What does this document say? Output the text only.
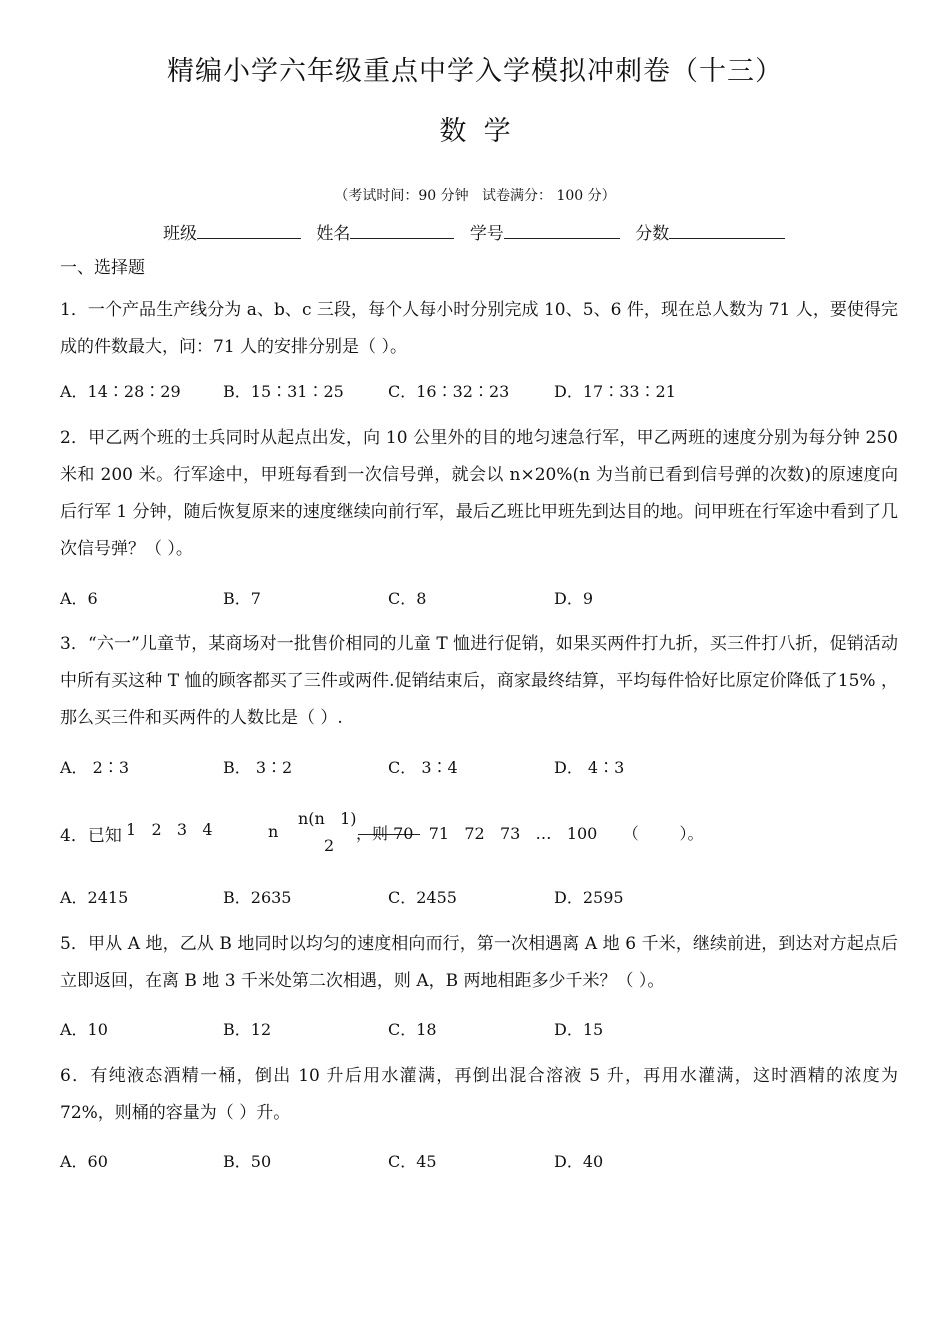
精编小学六年级重点中学入学模拟冲刺卷（十三）
数  学
（考试时间：90 分钟   试卷满分： 100 分）
班级	姓名	学号	分数
一、选择题
1．一个产品生产线分为 a、b、c 三段，每个人每小时分别完成 10、5、6 件，现在总人数为 71 人，要使得完成的件数最大，问：71 人的安排分别是（ ）。
A．14∶28∶29	B．15∶31∶25	C．16∶32∶23	D．17∶33∶21
2．甲乙两个班的士兵同时从起点出发，向 10 公里外的目的地匀速急行军，甲乙两班的速度分别为每分钟 250 米和 200 米。行军途中，甲班每看到一次信号弹，就会以 n×20%(n 为当前已看到信号弹的次数)的原速度向后行军 1 分钟，随后恢复原来的速度继续向前行军，最后乙班比甲班先到达目的地。问甲班在行军途中看到了几次信号弹？（ ）。
A．6	B．7	C．8	D．9
3．“六一”儿童节，某商场对一批售价相同的儿童 T 恤进行促销，如果买两件打九折，买三件打八折，促销活动中所有买这种 T 恤的顾客都买了三件或两件.促销结束后，商家最终结算，平均每件恰好比原定价降低了15% ，那么买三件和买两件的人数比是（ ）.
A． 2∶3	B． 3∶2	C． 3∶4	D． 4∶3
4．已知 1   2   3   4	n
n(n   1)
2
，则 70   71   72   73   …   100     （        ）。
A．2415	B．2635	C．2455	D．2595
5．甲从 A 地，乙从 B 地同时以均匀的速度相向而行，第一次相遇离 A 地 6 千米，继续前进，到达对方起点后立即返回，在离 B 地 3 千米处第二次相遇，则 A，B 两地相距多少千米？（ ）。
A．10	B．12	C．18	D．15
6．有纯液态酒精一桶，倒出 10 升后用水灌满，再倒出混合溶液 5 升，再用水灌满，这时酒精的浓度为 72%，则桶的容量为（ ）升。
A．60	B．50	C．45	D．40
